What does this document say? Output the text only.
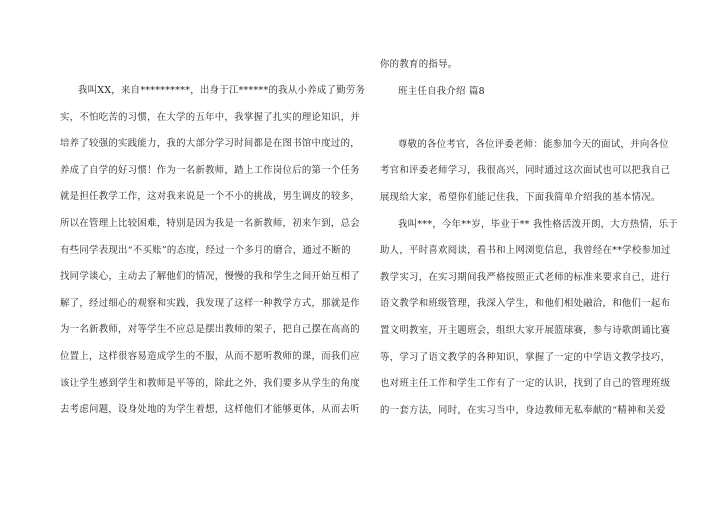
我叫XX，来自**********，出身于江******的我从小养成了勤劳务
实，不怕吃苦的习惯，在大学的五年中，我掌握了扎实的理论知识，并
培养了较强的实践能力，我的大部分学习时间都是在图书馆中度过的，
养成了自学的好习惯！作为一名新教师，踏上工作岗位后的第一个任务
就是担任教学工作，这对我来说是一个不小的挑战，男生调皮的较多，
所以在管理上比较困难，特别是因为我是一名新教师，初来乍到，总会
有些同学表现出“不买账”的态度，经过一个多月的磨合，通过不断的
找同学谈心，主动去了解他们的情况，慢慢的我和学生之间开始互相了
解了，经过细心的观察和实践，我发现了这样一种教学方式，那就是作
为一名新教师，对等学生不应总是摆出教师的架子，把自己摆在高高的
位置上，这样很容易造成学生的不服，从而不愿听教师的课，而我们应
该让学生感到学生和教师是平等的，除此之外，我们要多从学生的角度
去考虑问题，设身处地的为学生着想，这样他们才能够更体，从而去听
你的教育的指导。
班主任自我介绍 篇8
尊敬的各位考官，各位评委老师：能参加今天的面试，并向各位
考官和评委老师学习，我很高兴，同时通过这次面试也可以把我自己
展现给大家，希望你们能记住我，下面我简单介绍我的基本情况。
我叫***，今年**岁，毕业于** 我性格活泼开朗，大方热情，乐于
助人，平时喜欢阅读，看书和上网浏览信息，我曾经在**学校参加过
教学实习，在实习期间我严格按照正式老师的标准来要求自己，进行
语文教学和班级管理，我深入学生，和他们相处融洽，和他们一起布
置文明教室，开主题班会，组织大家开展篮球赛，参与诗歌朗诵比赛
等，学习了语文教学的各种知识，掌握了一定的中学语文教学技巧，
也对班主任工作和学生工作有了一定的认识，找到了自己的管理班级
的一套方法，同时，在实习当中，身边教师无私奉献的“精神和关爱
